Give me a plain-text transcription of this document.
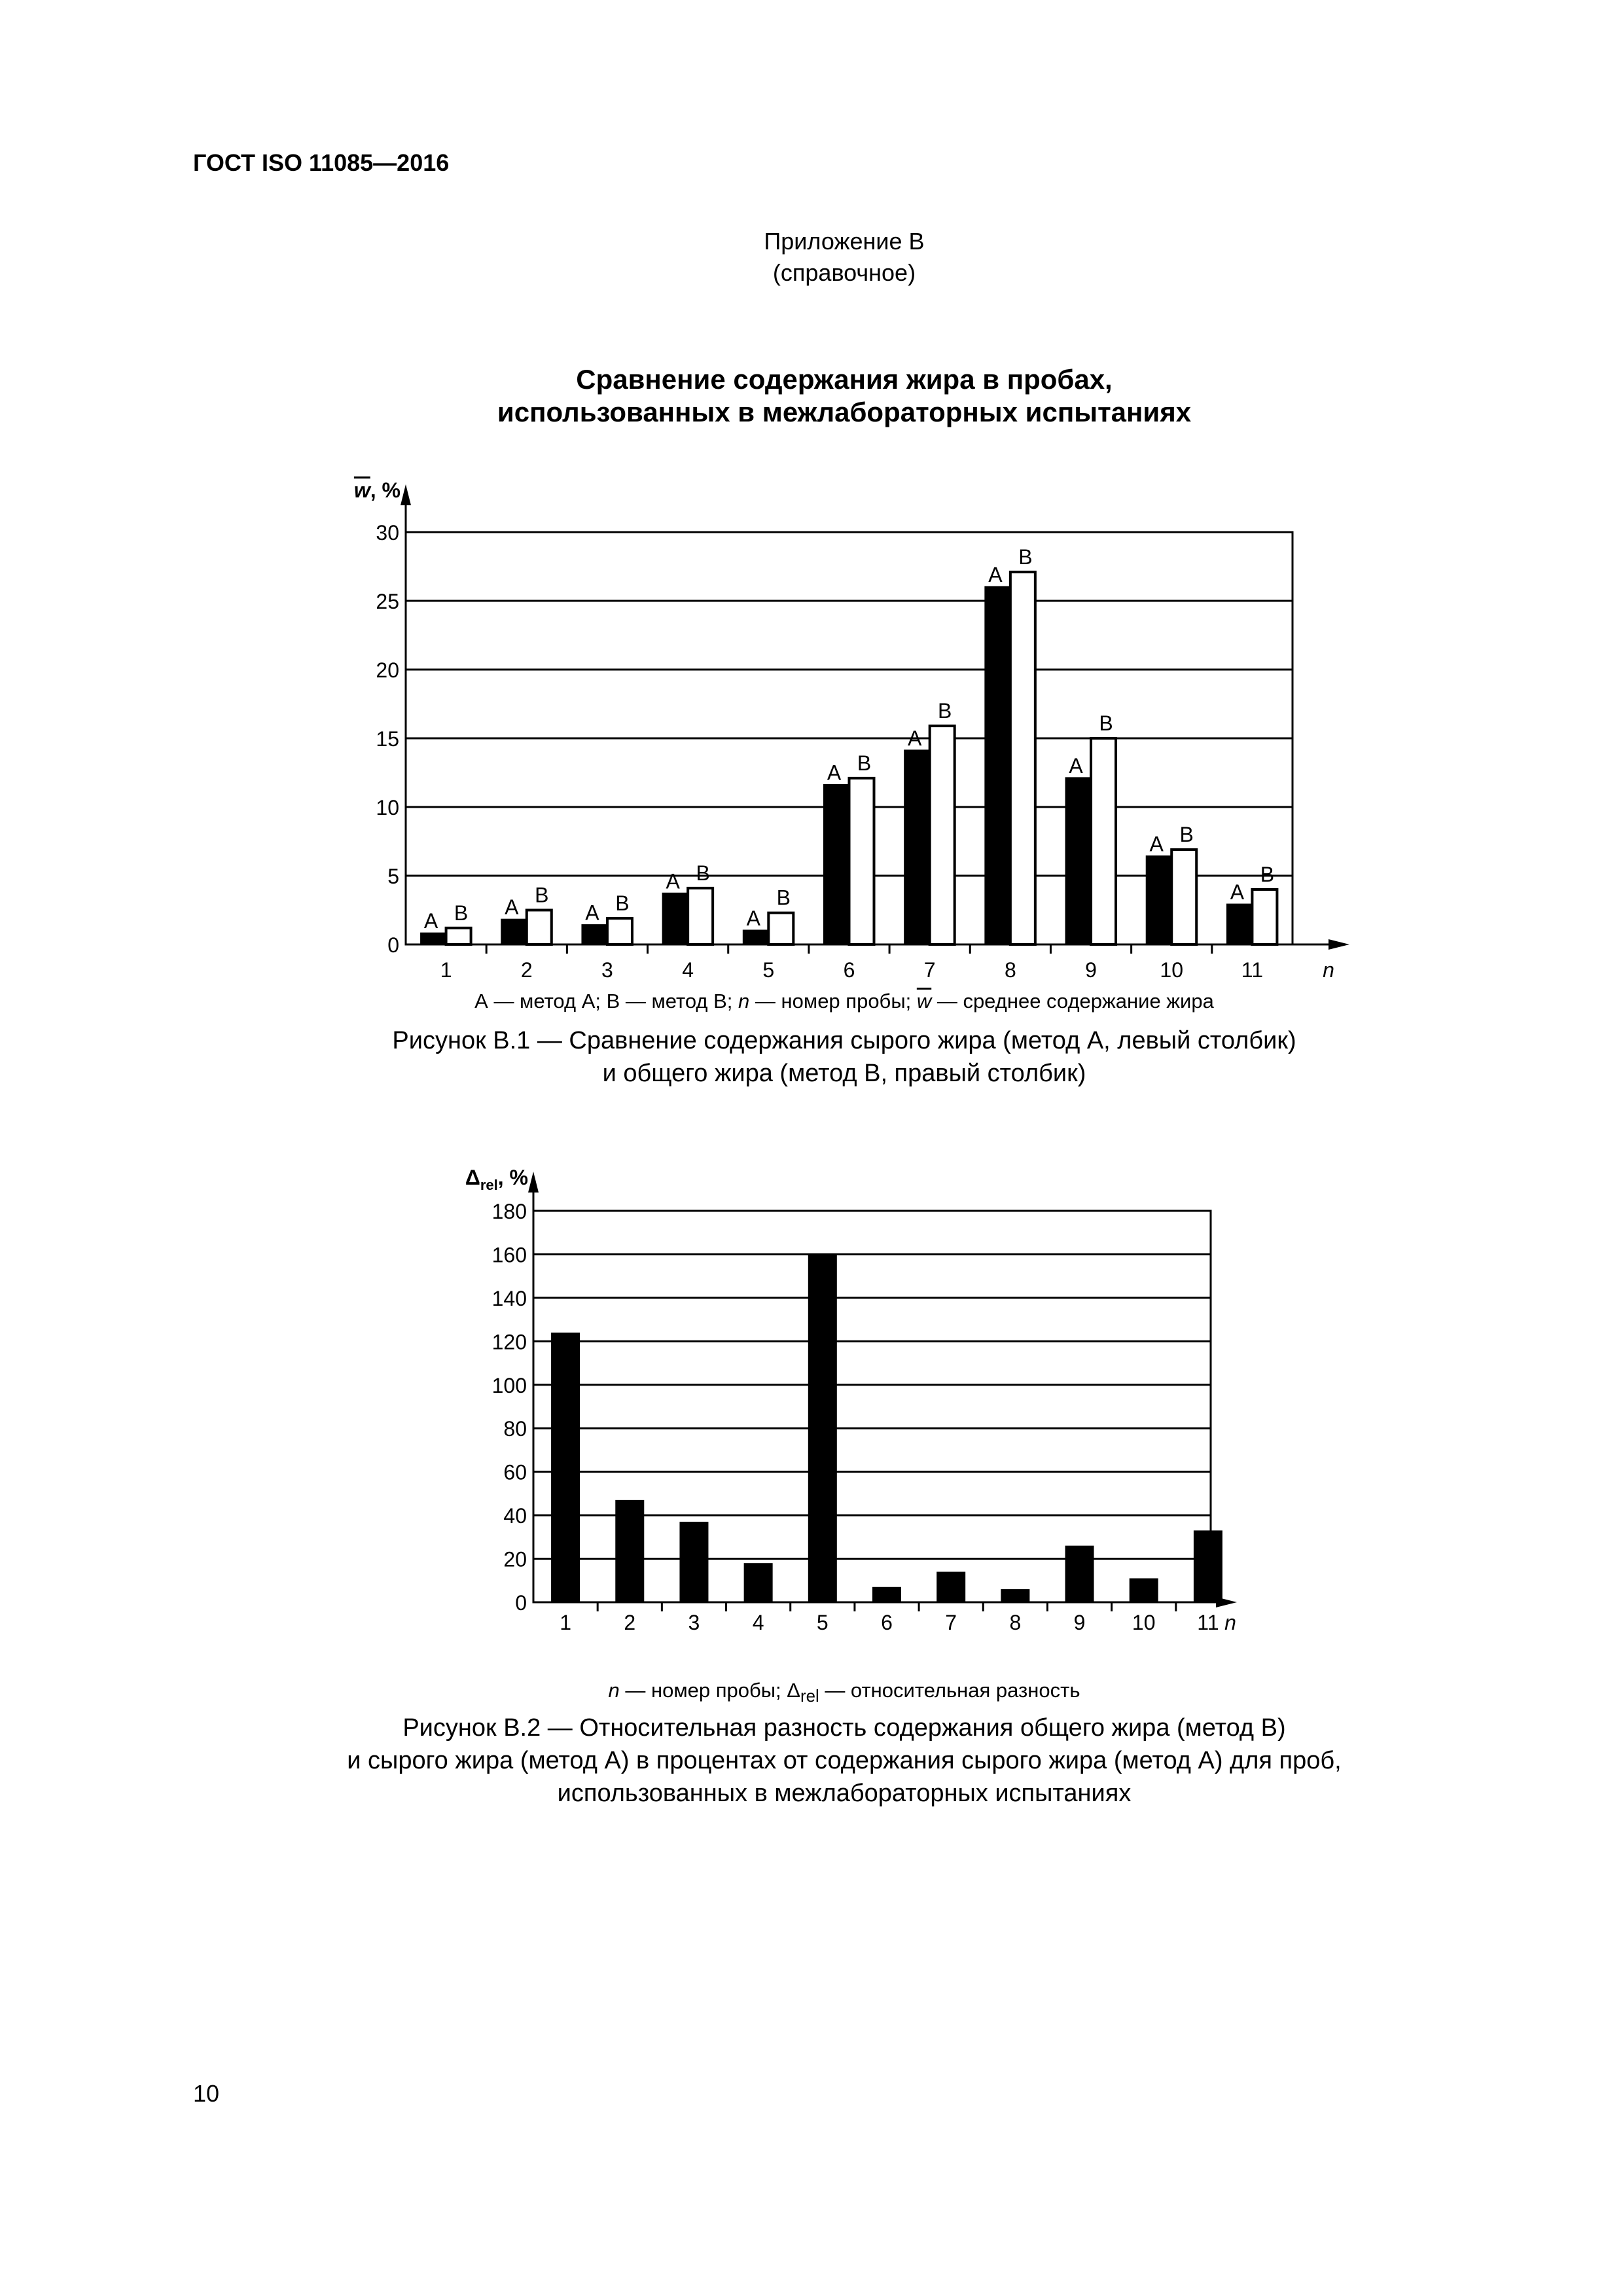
ГОСТ ISO 11085—2016
Приложение В
(справочное)
Сравнение содержания жира в пробах,
использованных в межлабораторных испытаниях
0
5
10
15
20
25
30
w, %
n
1
А В
2
А
В
3
А В
4
А В
5
А
В
6
А В
7
А
В
8
А
В
9
А
В
10
А В
11
А
В
А — метод А; В — метод В; n — номер пробы; $\overline{w}$ — среднее содержание жира
Рисунок В.1 — Сравнение содержания сырого жира (метод А, левый столбик)
и общего жира (метод В, правый столбик)
0
20
40
60
80
100
120
140
160
180
$\Delta_{rel}$, %
n
1	2	3	4	5	6	7	8	9 10 11
n — номер пробы; $\Delta_{rel}$ — относительная разность
Рисунок В.2 — Относительная разность содержания общего жира (метод В)
и сырого жира (метод А) в процентах от содержания сырого жира (метод А) для проб,
использованных в межлабораторных испытаниях
10
